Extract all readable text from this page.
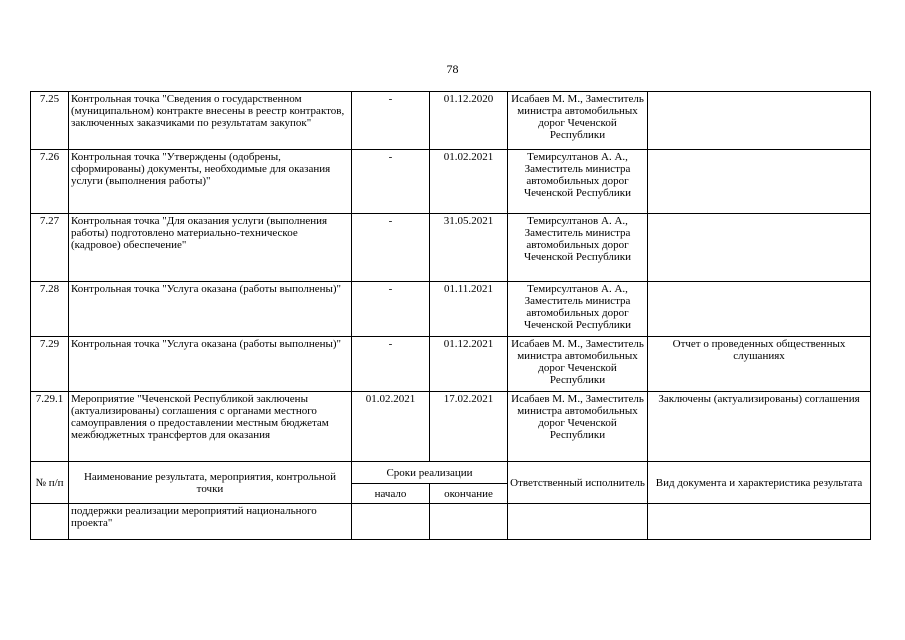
78
7.25	Контрольная точка "Сведения о государственном (муниципальном) контракте внесены в реестр контрактов, заключенных заказчиками по результатам закупок"	-	01.12.2020	Исабаев М. М., Заместитель министра автомобильных дорог Чеченской Республики	
7.26	Контрольная точка "Утверждены (одобрены, сформированы) документы, необходимые для оказания услуги (выполнения работы)"	-	01.02.2021	Темирсултанов А. А., Заместитель министра автомобильных дорог Чеченской Республики	
7.27	Контрольная точка "Для оказания услуги (выполнения работы) подготовлено материально-техническое (кадровое) обеспечение"	-	31.05.2021	Темирсултанов А. А., Заместитель министра автомобильных дорог Чеченской Республики	
7.28	Контрольная точка "Услуга оказана (работы выполнены)"	-	01.11.2021	Темирсултанов А. А., Заместитель министра автомобильных дорог Чеченской Республики	
7.29	Контрольная точка "Услуга оказана (работы выполнены)"	-	01.12.2021	Исабаев М. М., Заместитель министра автомобильных дорог Чеченской Республики	Отчет о проведенных общественных слушаниях
7.29.1	Мероприятие "Чеченской Республикой заключены (актуализированы) соглашения с органами местного самоуправления о предоставлении местным бюджетам межбюджетных трансфертов для оказания	01.02.2021	17.02.2021	Исабаев М. М., Заместитель министра автомобильных дорог Чеченской Республики	Заключены (актуализированы) соглашения
№ п/п	Наименование результата, мероприятия, контрольной точки	Сроки реализации		Ответственный исполнитель	Вид документа и характеристика результата
		начало	окончание		
	поддержки реализации мероприятий национального проекта"				
